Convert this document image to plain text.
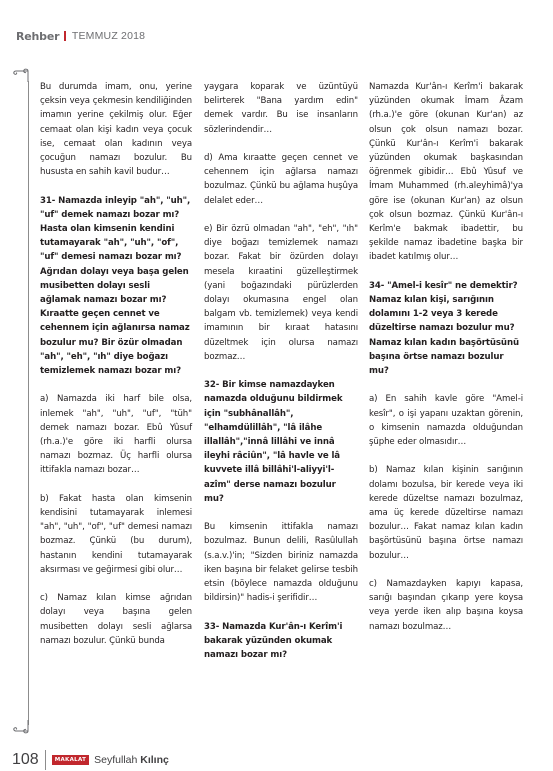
Rehber TEMMUZ 2018

Bu durumda imam, onu, yerine çeksin veya çekmesin kendiliğinden imamın yerine çekilmiş olur. Eğer cemaat olan kişi kadın veya çocuk ise, cemaat olan kadının veya çocuğun namazı bozulur. Bu hususta en sahih kavil budur…

31- Namazda inleyip "ah", "uh", "uf" demek namazı bozar mı? Hasta olan kimsenin kendini tutamayarak "ah", "uh", "of", "uf" demesi namazı bozar mı? Ağrıdan dolayı veya başa gelen musibetten dolayı sesli ağlamak namazı bozar mı? Kıraatte geçen cennet ve cehennem için ağlanırsa namaz bozulur mu? Bir özür olmadan "ah", "eh", "ıh" diye boğazı temizlemek namazı bozar mı?

a) Namazda iki harf bile olsa, inlemek "ah", "uh", "uf", "tüh" demek namazı bozar. Ebû Yûsuf (rh.a.)'e göre iki harfli olursa namazı bozmaz. Üç harfli olursa ittifakla namazı bozar…

b) Fakat hasta olan kimsenin kendisini tutamayarak inlemesi "ah", "uh", "of", "uf" demesi namazı bozmaz. Çünkü (bu durum), hastanın kendini tutamayarak aksırması ve geğirmesi gibi olur…

c) Namaz kılan kimse ağrıdan dolayı veya başına gelen musibetten dolayı sesli ağlarsa namazı bozulur. Çünkü bunda

yaygara koparak ve üzüntüyü belirterek "Bana yardım edin" demek vardır. Bu ise insanların sözlerindendir…

d) Ama kıraatte geçen cennet ve cehennem için ağlarsa namazı bozulmaz. Çünkü bu ağlama huşûya delalet eder…

e) Bir özrü olmadan "ah", "eh", "ıh" diye boğazı temizlemek namazı bozar. Fakat bir özürden dolayı mesela kıraatini güzelleştirmek (yani boğazındaki pürüzlerden dolayı okumasına engel olan balgam vb. temizlemek) veya kendi imamının bir kıraat hatasını düzeltmek için olursa namazı bozmaz…

32- Bir kimse namazdayken namazda olduğunu bildirmek için "subhânallâh", "elhamdülillâh", "lâ ilâhe illallâh","innâ lillâhi ve innâ ileyhi râciûn", "lâ havle ve lâ kuvvete illâ billâhi'l-aliyyi'l-azîm" derse namazı bozulur mu?

Bu kimsenin ittifakla namazı bozulmaz. Bunun delili, Rasûlullah (s.a.v.)'in; "Sizden biriniz namazda iken başına bir felaket gelirse tesbih etsin (böylece namazda olduğunu bildirsin)" hadis-i şerifidir…

33- Namazda Kur'ân-ı Kerîm'i bakarak yüzünden okumak namazı bozar mı?

Namazda Kur'ân-ı Kerîm'i bakarak yüzünden okumak İmam Âzam (rh.a.)'e göre (okunan Kur'an) az olsun çok olsun namazı bozar. Çünkü Kur'ân-ı Kerîm'i bakarak yüzünden okumak başkasından öğrenmek gibidir… Ebû Yûsuf ve İmam Muhammed (rh.aleyhimâ)'ya göre ise (okunan Kur'an) az olsun çok olsun bozmaz. Çünkü Kur'ân-ı Kerîm'e bakmak ibadettir, bu şekilde namaz ibadetine başka bir ibadet katılmış olur…

34- "Amel-i kesîr" ne demektir? Namaz kılan kişi, sarığının dolamını 1-2 veya 3 kerede düzeltirse namazı bozulur mu? Namaz kılan kadın başörtüsünü başına örtse namazı bozulur mu?

a) En sahih kavle göre "Amel-i kesîr", o işi yapanı uzaktan görenin, o kimsenin namazda olduğundan şüphe eder olmasıdır…

b) Namaz kılan kişinin sarığının dolamı bozulsa, bir kerede veya iki kerede düzeltse namazı bozulmaz, ama üç kerede düzeltirse namazı bozulur… Fakat namaz kılan kadın başörtüsünü başına örtse namazı bozulur…

c) Namazdayken kapıyı kapasa, sarığı başından çıkarıp yere koysa veya yerde iken alıp başına koysa namazı bozulmaz…

108	MAKALAT Seyfullah Kılınç
